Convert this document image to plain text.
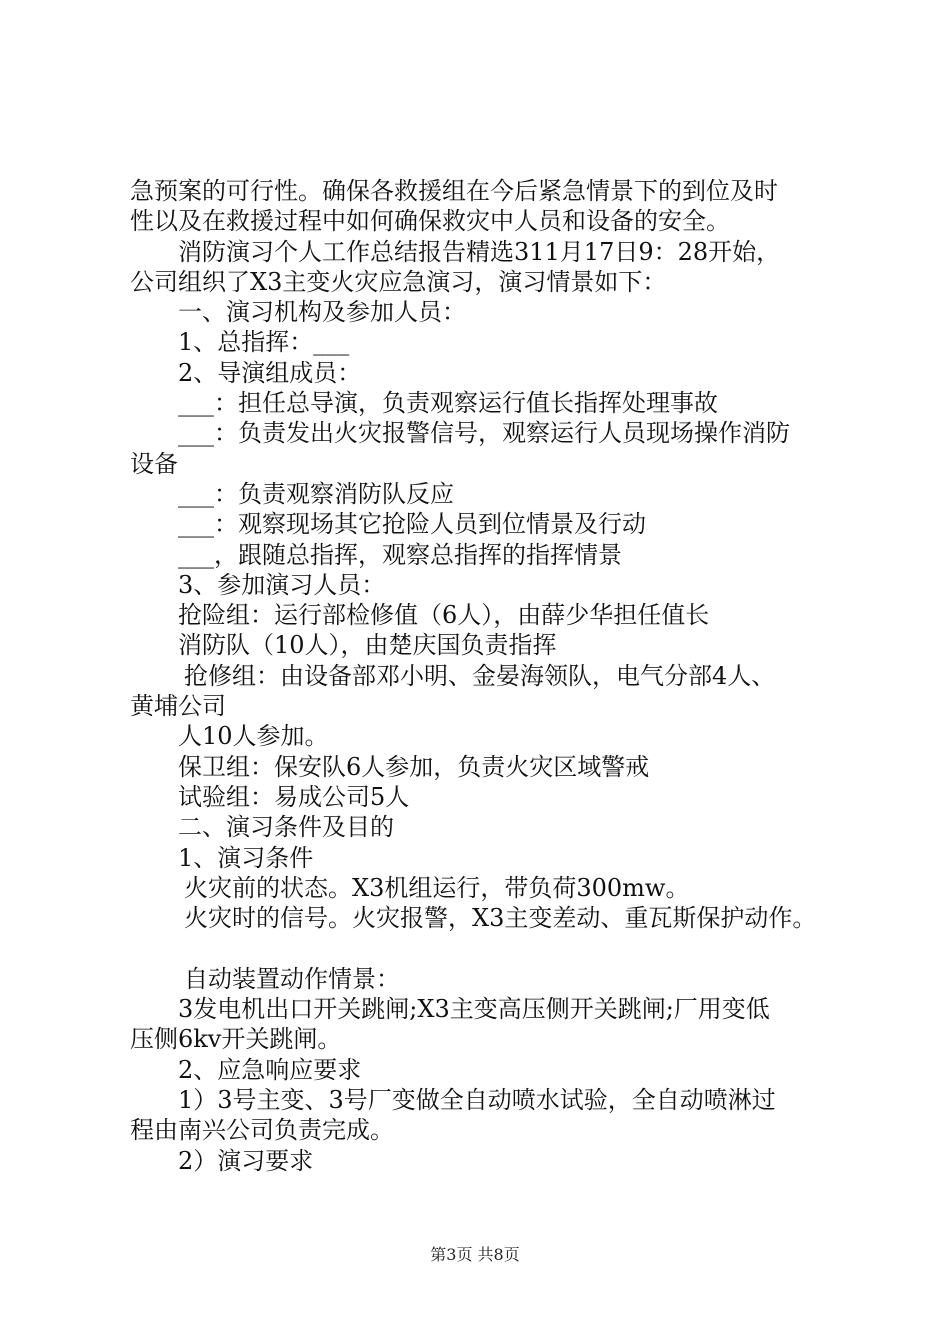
急预案的可行性。确保各救援组在今后紧急情景下的到位及时
性以及在救援过程中如何确保救灾中人员和设备的安全。
消防演习个人工作总结报告精选311月17日9：28开始，
公司组织了X3主变火灾应急演习，演习情景如下：
一、演习机构及参加人员：
1、总指挥：___
2、导演组成员：
___：担任总导演，负责观察运行值长指挥处理事故
___：负责发出火灾报警信号，观察运行人员现场操作消防
设备
___：负责观察消防队反应
___：观察现场其它抢险人员到位情景及行动
___，跟随总指挥，观察总指挥的指挥情景
3、参加演习人员：
抢险组：运行部检修值（6人），由薛少华担任值长
消防队（10人），由楚庆国负责指挥
抢修组：由设备部邓小明、金晏海领队，电气分部4人、
黄埔公司
人10人参加。
保卫组：保安队6人参加，负责火灾区域警戒
试验组：易成公司5人
二、演习条件及目的
1、演习条件
火灾前的状态。X3机组运行，带负荷300mw。
火灾时的信号。火灾报警，X3主变差动、重瓦斯保护动作。
自动装置动作情景：
3发电机出口开关跳闸;X3主变高压侧开关跳闸;厂用变低
压侧6kv开关跳闸。
2、应急响应要求
1）3号主变、3号厂变做全自动喷水试验，全自动喷淋过
程由南兴公司负责完成。
2）演习要求
第3页 共8页
